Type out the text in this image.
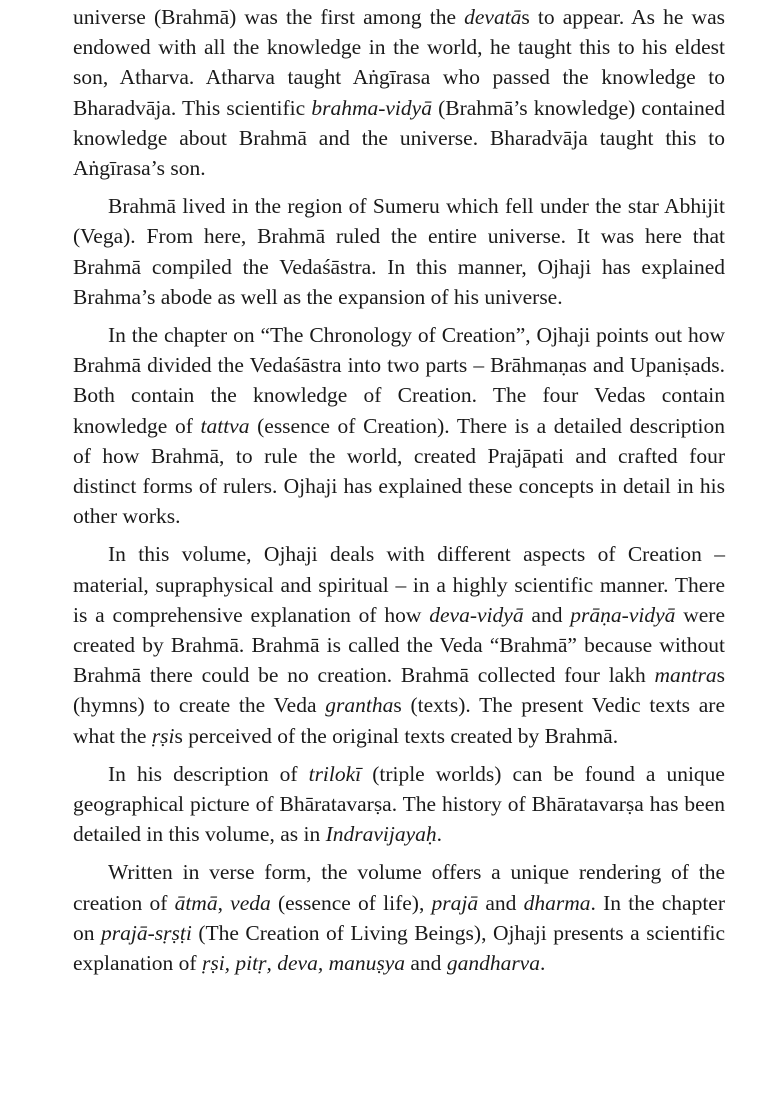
universe (Brahmā) was the first among the devatās to appear. As he was endowed with all the knowledge in the world, he taught this to his eldest son, Atharva. Atharva taught Aṅgīrasa who passed the knowledge to Bharadvāja. This scientific brahma-vidyā (Brahmā’s knowledge) contained knowledge about Brahmā and the universe. Bharadvāja taught this to Aṅgīrasa’s son.

Brahmā lived in the region of Sumeru which fell under the star Abhijit (Vega). From here, Brahmā ruled the entire universe. It was here that Brahmā compiled the Vedaśāstra. In this manner, Ojhaji has explained Brahma’s abode as well as the expansion of his universe.

In the chapter on “The Chronology of Creation”, Ojhaji points out how Brahmā divided the Vedaśāstra into two parts – Brāhmaṇas and Upaniṣads. Both contain the knowledge of Creation. The four Vedas contain knowledge of tattva (essence of Creation). There is a detailed description of how Brahmā, to rule the world, created Prajāpati and crafted four distinct forms of rulers. Ojhaji has explained these concepts in detail in his other works.

In this volume, Ojhaji deals with different aspects of Creation – material, supraphysical and spiritual – in a highly scientific manner. There is a comprehensive explanation of how deva-vidyā and prāṇa-vidyā were created by Brahmā. Brahmā is called the Veda “Brahmā” because without Brahmā there could be no creation. Brahmā collected four lakh mantras (hymns) to create the Veda granthas (texts). The present Vedic texts are what the ṛṣis perceived of the original texts created by Brahmā.

In his description of trilokī (triple worlds) can be found a unique geographical picture of Bhāratavarṣa. The history of Bhāratavarṣa has been detailed in this volume, as in Indravijayaḥ.

Written in verse form, the volume offers a unique rendering of the creation of ātmā, veda (essence of life), prajā and dharma. In the chapter on prajā-sṛṣṭi (The Creation of Living Beings), Ojhaji presents a scientific explanation of ṛṣi, pitṛ, deva, manuṣya and gandharva.
